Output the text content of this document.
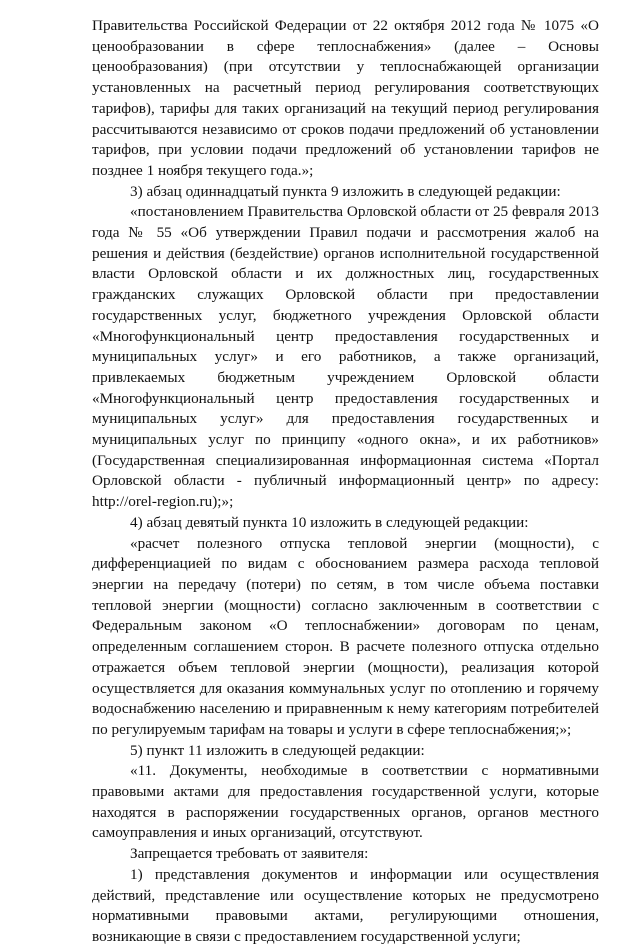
Правительства Российской Федерации от 22 октября 2012 года № 1075 «О ценообразовании в сфере теплоснабжения» (далее – Основы ценообразования) (при отсутствии у теплоснабжающей организации установленных на расчетный период регулирования соответствующих тарифов), тарифы для таких организаций на текущий период регулирования рассчитываются независимо от сроков подачи предложений об установлении тарифов, при условии подачи предложений об установлении тарифов не позднее 1 ноября текущего года.»;

3) абзац одиннадцатый пункта 9 изложить в следующей редакции:

«постановлением Правительства Орловской области от 25 февраля 2013 года № 55 «Об утверждении Правил подачи и рассмотрения жалоб на решения и действия (бездействие) органов исполнительной государственной власти Орловской области и их должностных лиц, государственных гражданских служащих Орловской области при предоставлении государственных услуг, бюджетного учреждения Орловской области «Многофункциональный центр предоставления государственных и муниципальных услуг» и его работников, а также организаций, привлекаемых бюджетным учреждением Орловской области «Многофункциональный центр предоставления государственных и муниципальных услуг» для предоставления государственных и муниципальных услуг по принципу «одного окна», и их работников» (Государственная специализированная информационная система «Портал Орловской области - публичный информационный центр» по адресу: http://orel-region.ru);»;

4) абзац девятый пункта 10 изложить в следующей редакции:

«расчет полезного отпуска тепловой энергии (мощности), с дифференциацией по видам с обоснованием размера расхода тепловой энергии на передачу (потери) по сетям, в том числе объема поставки тепловой энергии (мощности) согласно заключенным в соответствии с Федеральным законом «О теплоснабжении» договорам по ценам, определенным соглашением сторон. В расчете полезного отпуска отдельно отражается объем тепловой энергии (мощности), реализация которой осуществляется для оказания коммунальных услуг по отоплению и горячему водоснабжению населению и приравненным к нему категориям потребителей по регулируемым тарифам на товары и услуги в сфере теплоснабжения;»;

5) пункт 11 изложить в следующей редакции:

«11. Документы, необходимые в соответствии с нормативными правовыми актами для предоставления государственной услуги, которые находятся в распоряжении государственных органов, органов местного самоуправления и иных организаций, отсутствуют.

Запрещается требовать от заявителя:

1) представления документов и информации или осуществления действий, представление или осуществление которых не предусмотрено нормативными правовыми актами, регулирующими отношения, возникающие в связи с предоставлением государственной услуги;
